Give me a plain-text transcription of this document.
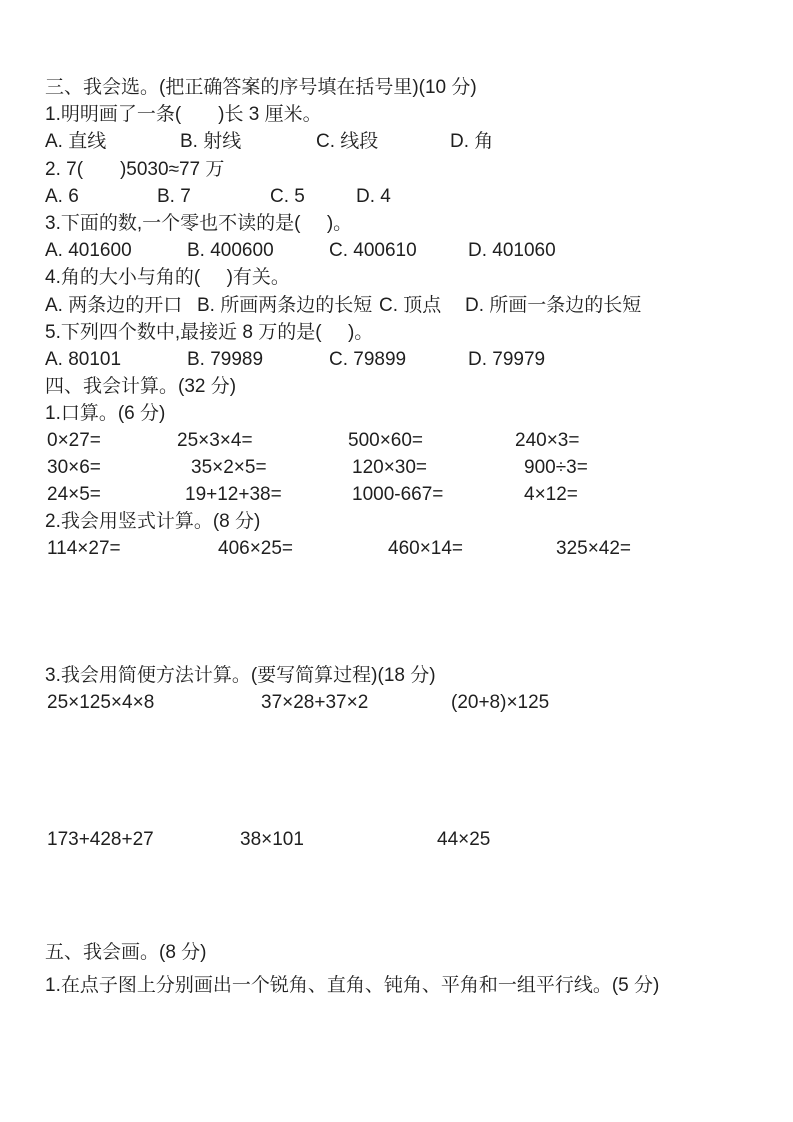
三、我会选。(把正确答案的序号填在括号里)(10 分)
1.明明画了一条(       )长 3 厘米。
A. 直线	B. 射线	C. 线段	D. 角
2. 7(       )5030≈77 万
A. 6	B. 7	C. 5	D. 4
3.下面的数,一个零也不读的是(     )。
A. 401600	B. 400600	C. 400610	D. 401060
4.角的大小与角的(     )有关。
A. 两条边的开口 B. 所画两条边的长短 C. 顶点 D. 所画一条边的长短
5.下列四个数中,最接近 8 万的是(     )。
A. 80101	B. 79989	C. 79899	D. 79979
四、我会计算。(32 分)
1.口算。(6 分)
0×27=	25×3×4=	500×60=	240×3=
30×6=	35×2×5=	120×30=	900÷3=
24×5=	19+12+38=	1000-667=	4×12=
2.我会用竖式计算。(8 分)
114×27=	406×25=	460×14=	325×42=
3.我会用简便方法计算。(要写简算过程)(18 分)
25×125×4×8	37×28+37×2	(20+8)×125
173+428+27	38×101	44×25
五、我会画。(8 分)
1.在点子图上分别画出一个锐角、直角、钝角、平角和一组平行线。(5 分)
